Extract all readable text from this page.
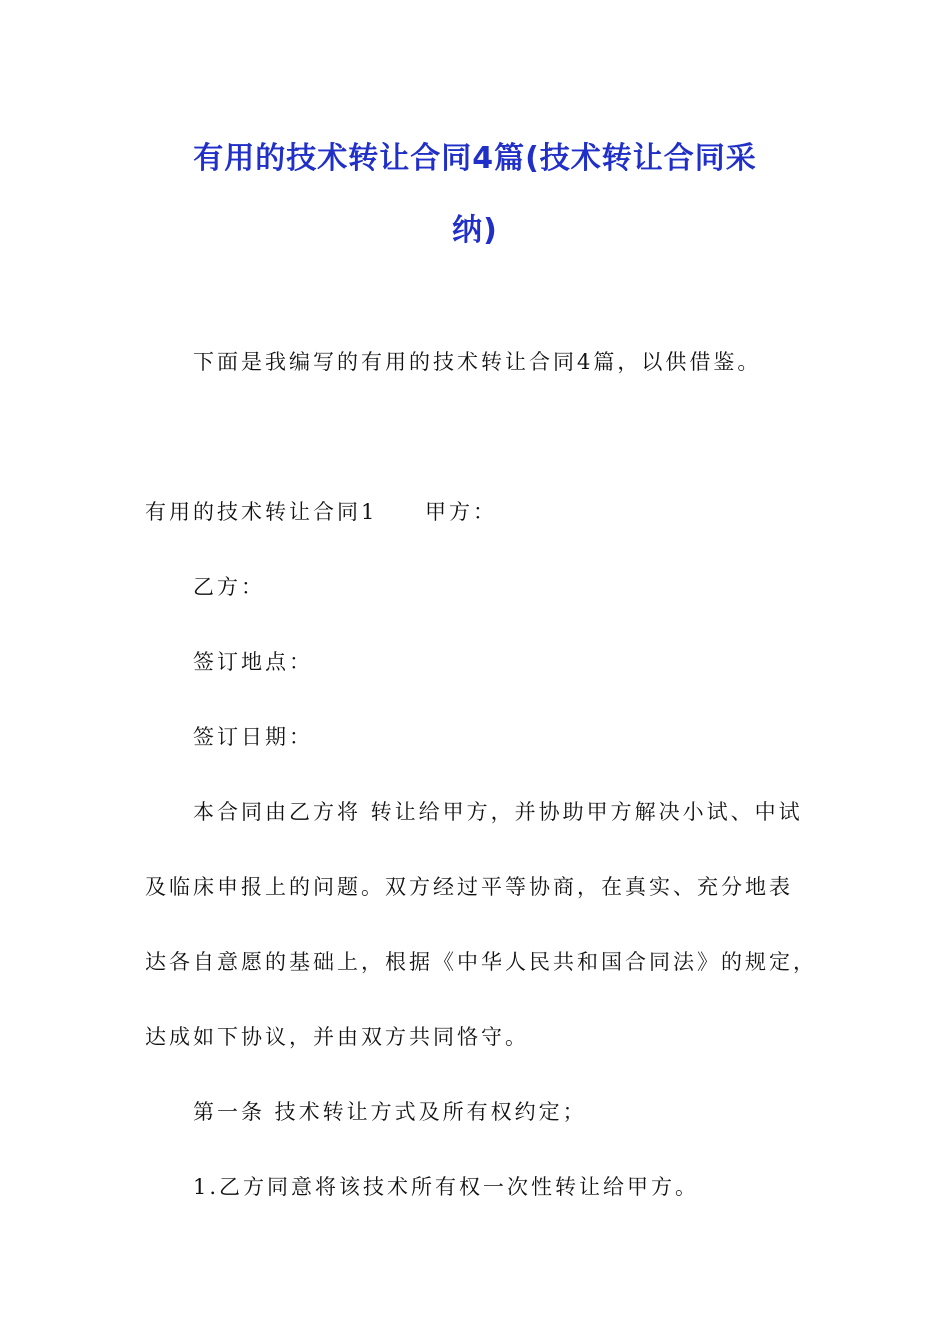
有用的技术转让合同4篇(技术转让合同采
纳)
下面是我编写的有用的技术转让合同4篇，以供借鉴。
有用的技术转让合同1 甲方：
乙方：
签订地点：
签订日期：
本合同由乙方将 转让给甲方，并协助甲方解决小试、中试
及临床申报上的问题。双方经过平等协商，在真实、充分地表
达各自意愿的基础上，根据《中华人民共和国合同法》的规定，
达成如下协议，并由双方共同恪守。
第一条 技术转让方式及所有权约定；
1.乙方同意将该技术所有权一次性转让给甲方。
